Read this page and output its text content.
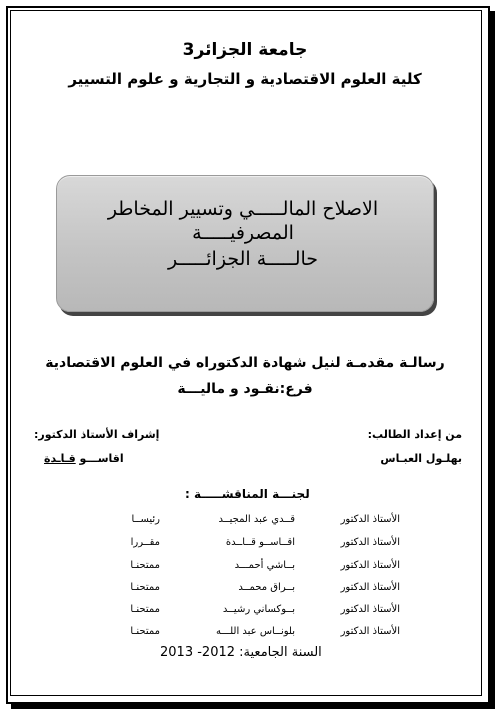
جامعة الجزائر3
كلية العلوم الاقتصادية و التجارية و علوم التسيير
الاصلاح المالـــــي وتسيير المخاطر
المصرفيـــــة
حالـــــة الجزائـــــر
رسالـة مقدمـة لنيل شهادة الدكتوراه في العلوم الاقتصادية
فرع:نقـود و ماليـــة
من إعداد الطالب:
بهلـول العبـاس
إشراف الأستاذ الدكتور:
اقاســـو قـاـدة
لجنـــة المناقشـــــة :
الأستاذ الدكتور
قــدي عبد المجيــد
رئيســا
الأستاذ الدكتور
اقــاســو قــاــدة
مقــررا
الأستاذ الدكتور
بــاشي أحمـــد
ممتحنـا
الأستاذ الدكتور
بــراق محمــد
ممتحنـا
الأستاذ الدكتور
بــوكساني رشيــد
ممتحنـا
الأستاذ الدكتور
بلونــاس عبد اللـــه
ممتحنـا
السنة الجامعية: 2012- 2013
